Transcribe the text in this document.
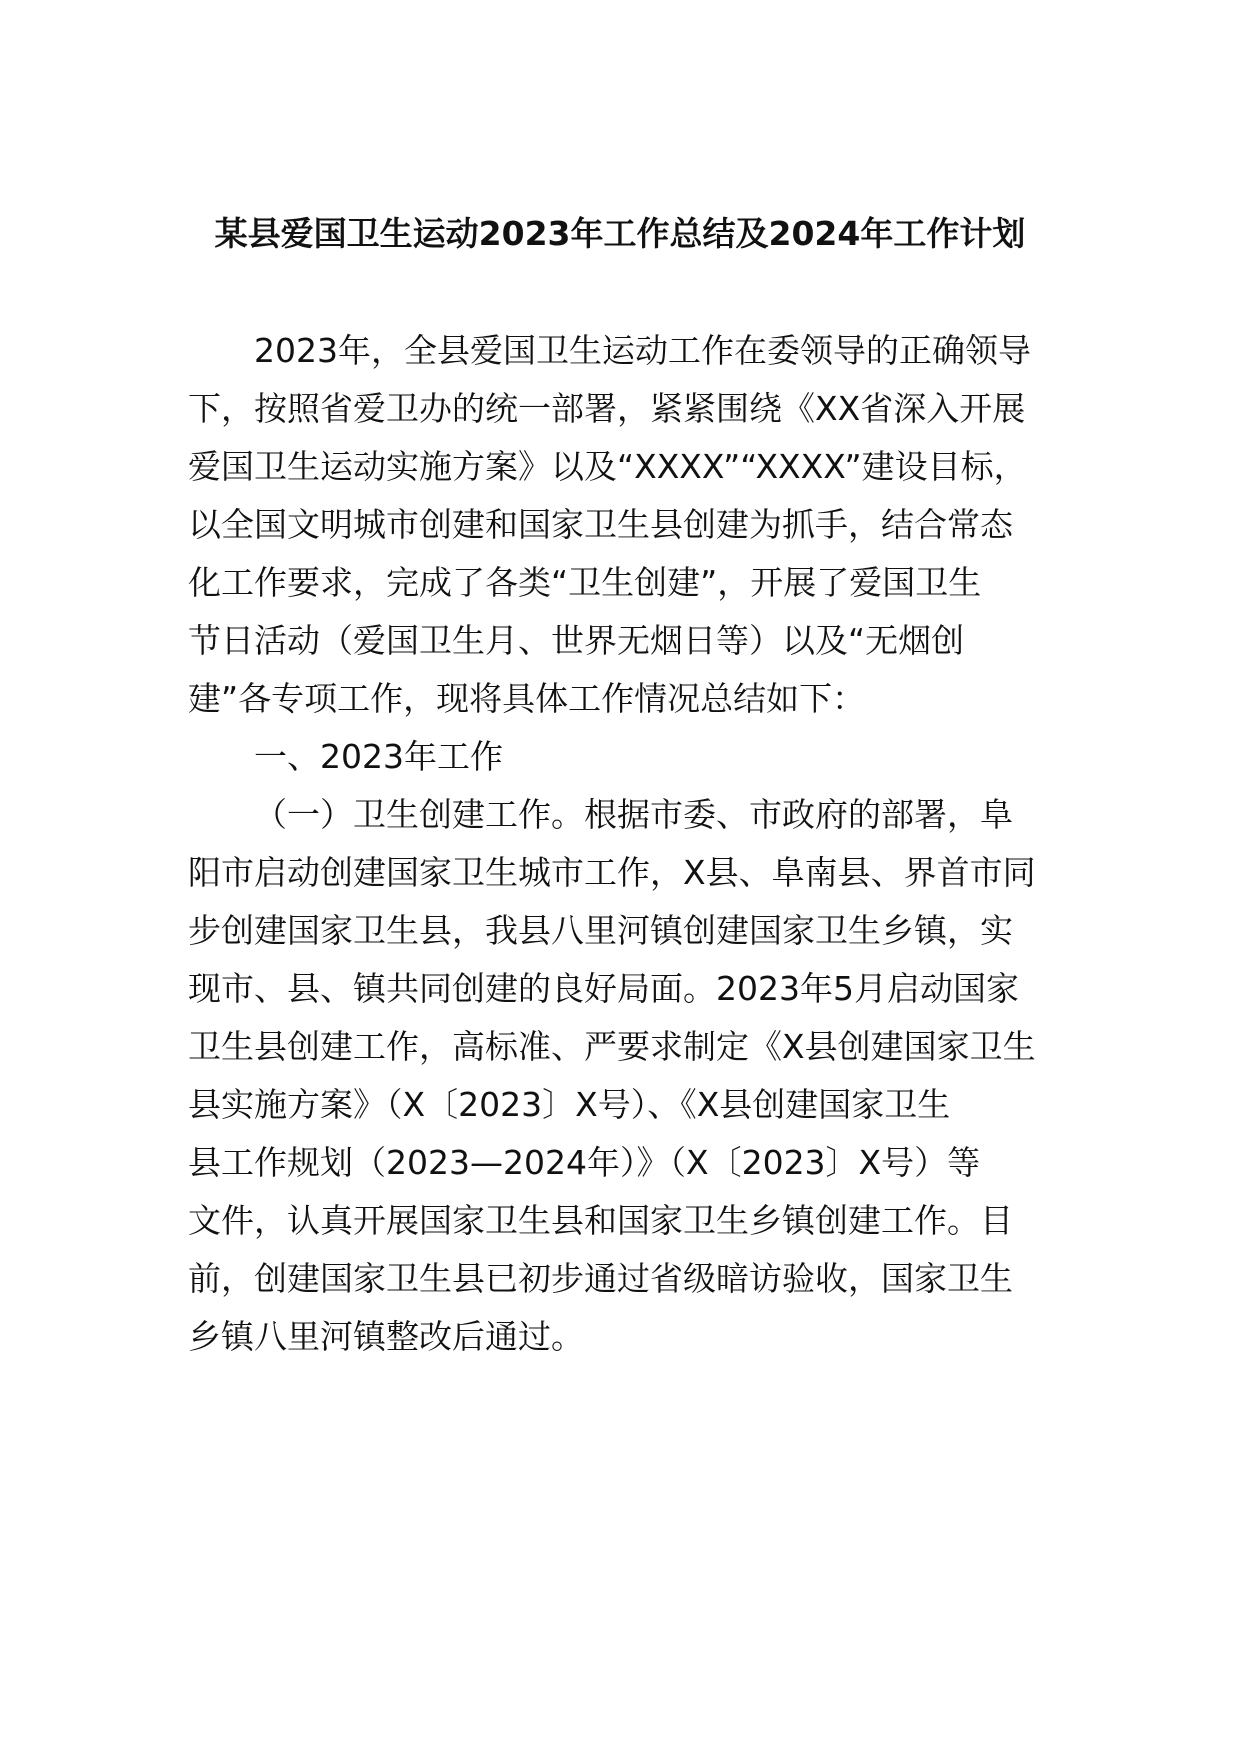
某县爱国卫生运动2023年工作总结及2024年工作计划
2023年，全县爱国卫生运动工作在委领导的正确领导
下，按照省爱卫办的统一部署，紧紧围绕《XX省深入开展
爱国卫生运动实施方案》以及“XXXX”“XXXX”建设目标，
以全国文明城市创建和国家卫生县创建为抓手，结合常态
化工作要求，完成了各类“卫生创建”，开展了爱国卫生
节日活动（爱国卫生月、世界无烟日等）以及“无烟创
建”各专项工作，现将具体工作情况总结如下：
一、2023年工作
（一）卫生创建工作。根据市委、市政府的部署，阜
阳市启动创建国家卫生城市工作，X县、阜南县、界首市同
步创建国家卫生县，我县八里河镇创建国家卫生乡镇，实
现市、县、镇共同创建的良好局面。2023年5月启动国家
卫生县创建工作，高标准、严要求制定《X县创建国家卫生
县实施方案》（X〔2023〕X号）、《X县创建国家卫生
县工作规划（2023—2024年）》（X〔2023〕X号）等
文件，认真开展国家卫生县和国家卫生乡镇创建工作。目
前，创建国家卫生县已初步通过省级暗访验收，国家卫生
乡镇八里河镇整改后通过。
